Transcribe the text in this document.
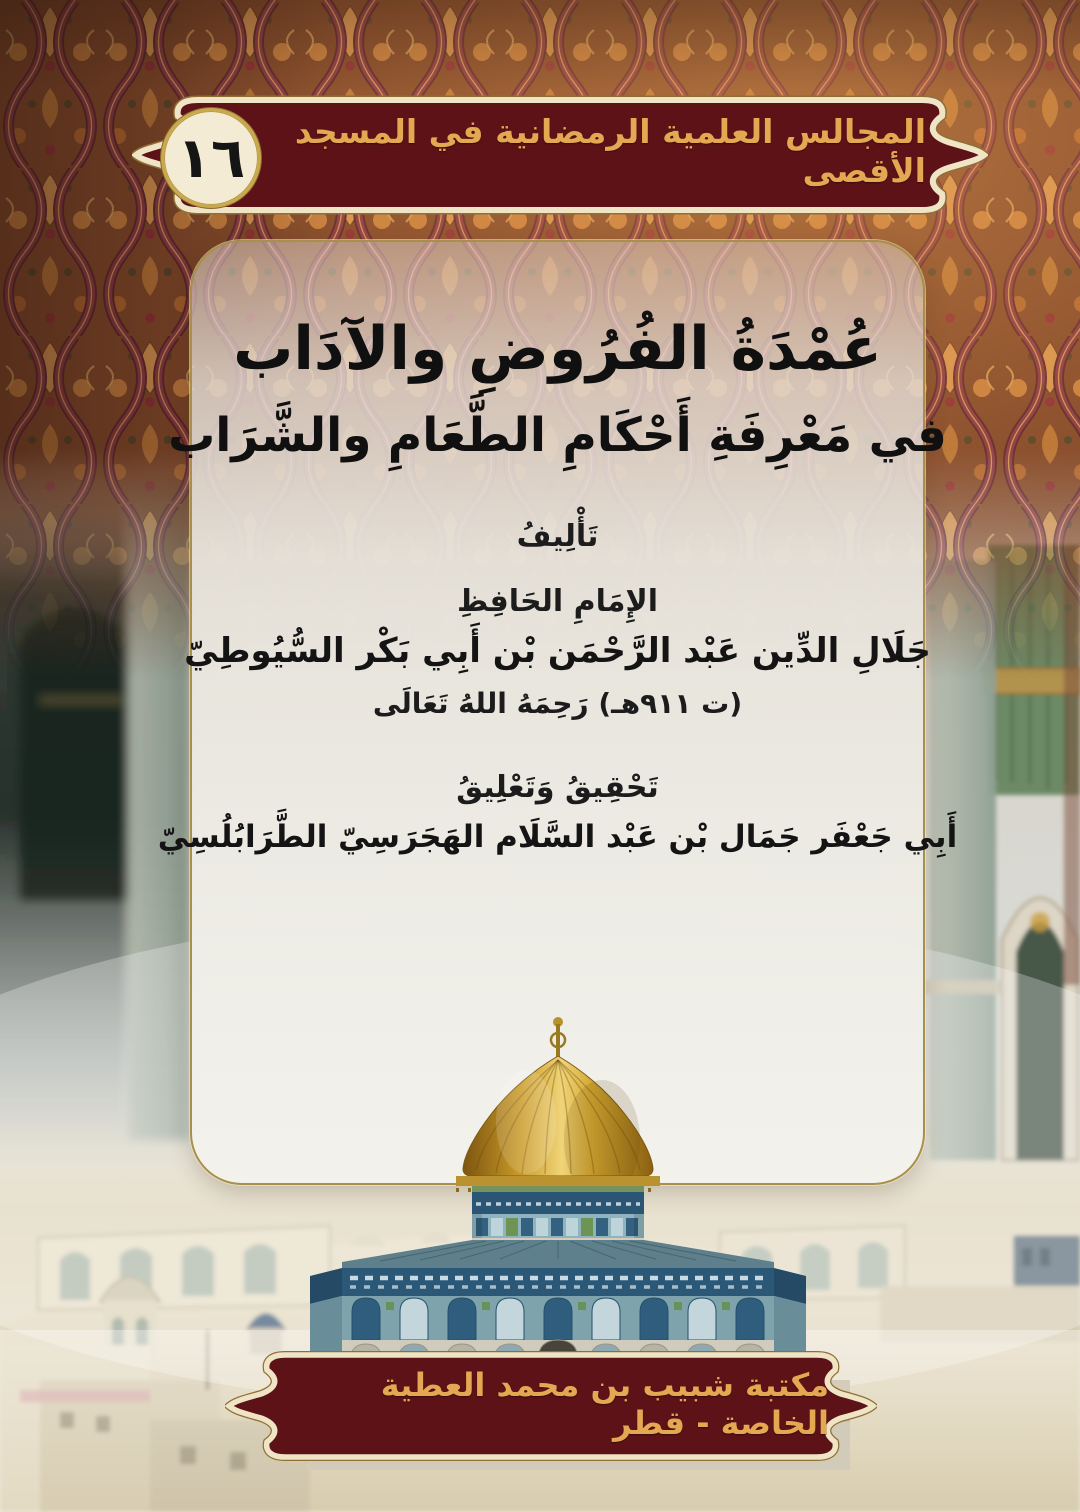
عُمْدَةُ الفُرُوضِ والآدَاب
في مَعْرِفَةِ أَحْكَامِ الطَّعَامِ والشَّرَاب
تَأْلِيفُ
الإِمَامِ الحَافِظِ
جَلَالِ الدِّين عَبْد الرَّحْمَن بْن أَبِي بَكْر السُّيُوطِيّ
(ت ٩١١هـ) رَحِمَهُ اللهُ تَعَالَى
تَحْقِيقُ وَتَعْلِيقُ
أَبِي جَعْفَر جَمَال بْن عَبْد السَّلَام الهَجَرَسِيّ الطَّرَابُلُسِيّ
المجالس العلمية الرمضانية في المسجد الأقصى
١٦
مكتبة شبيب بن محمد العطية الخاصة - قطر
